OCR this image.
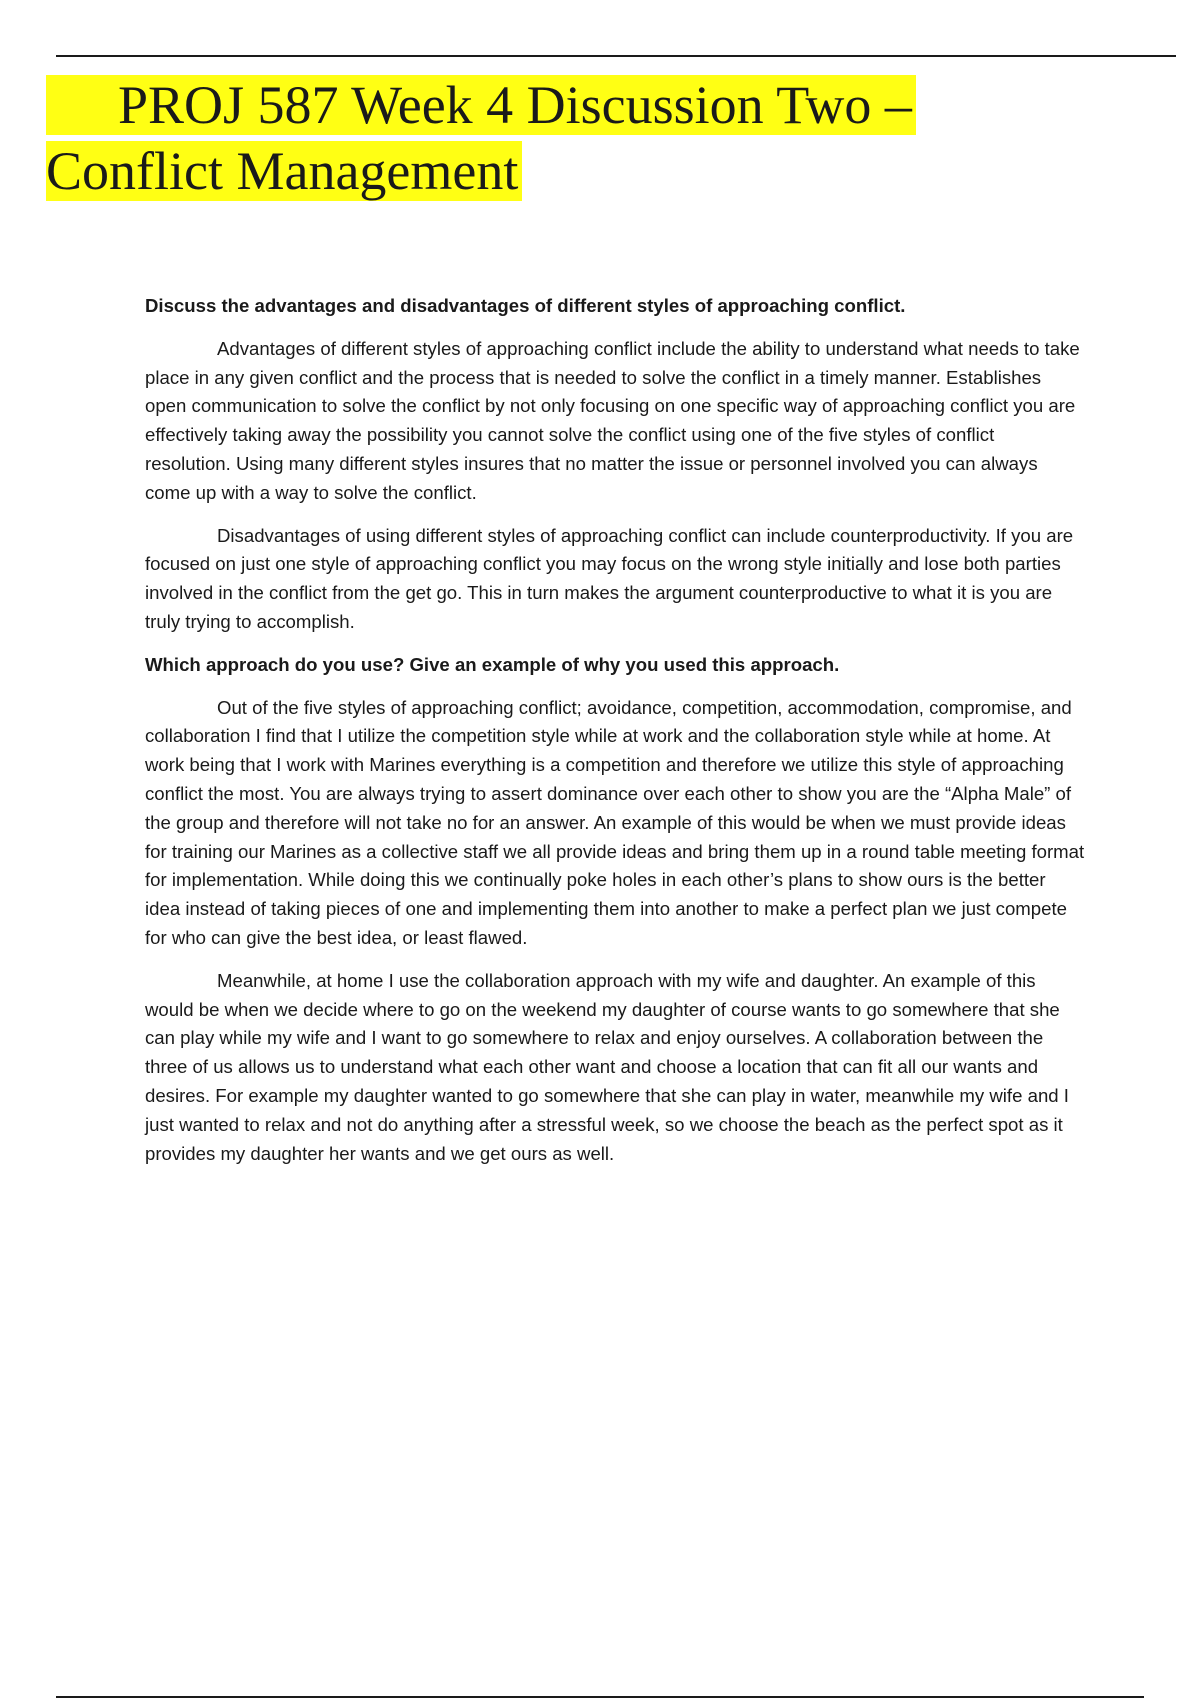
PROJ 587 Week 4 Discussion Two –
Conflict Management
Discuss the advantages and disadvantages of different styles of approaching conflict.
Advantages of different styles of approaching conflict include the ability to understand what needs to take place in any given conflict and the process that is needed to solve the conflict in a timely manner. Establishes open communication to solve the conflict by not only focusing on one specific way of approaching conflict you are effectively taking away the possibility you cannot solve the conflict using one of the five styles of conflict resolution. Using many different styles insures that no matter the issue or personnel involved you can always come up with a way to solve the conflict.
Disadvantages of using different styles of approaching conflict can include counterproductivity. If you are focused on just one style of approaching conflict you may focus on the wrong style initially and lose both parties involved in the conflict from the get go. This in turn makes the argument counterproductive to what it is you are truly trying to accomplish.
Which approach do you use? Give an example of why you used this approach.
Out of the five styles of approaching conflict; avoidance, competition, accommodation, compromise, and collaboration I find that I utilize the competition style while at work and the collaboration style while at home. At work being that I work with Marines everything is a competition and therefore we utilize this style of approaching conflict the most. You are always trying to assert dominance over each other to show you are the “Alpha Male” of the group and therefore will not take no for an answer. An example of this would be when we must provide ideas for training our Marines as a collective staff we all provide ideas and bring them up in a round table meeting format for implementation. While doing this we continually poke holes in each other’s plans to show ours is the better idea instead of taking pieces of one and implementing them into another to make a perfect plan we just compete for who can give the best idea, or least flawed.
Meanwhile, at home I use the collaboration approach with my wife and daughter. An example of this would be when we decide where to go on the weekend my daughter of course wants to go somewhere that she can play while my wife and I want to go somewhere to relax and enjoy ourselves. A collaboration between the three of us allows us to understand what each other want and choose a location that can fit all our wants and desires. For example my daughter wanted to go somewhere that she can play in water, meanwhile my wife and I just wanted to relax and not do anything after a stressful week, so we choose the beach as the perfect spot as it provides my daughter her wants and we get ours as well.
